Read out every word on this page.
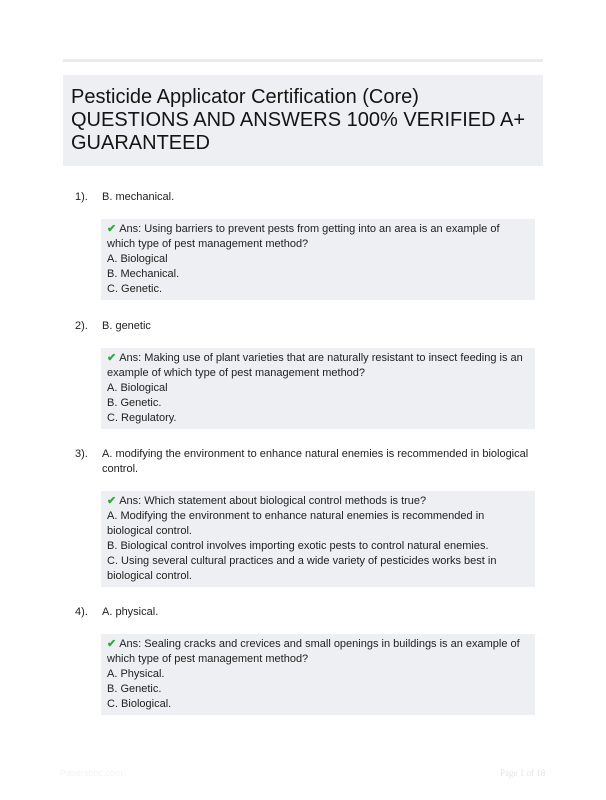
Pesticide Applicator Certification (Core) QUESTIONS AND ANSWERS 100% VERIFIED A+ GUARANTEED
1).	B. mechanical.
✔ Ans: Using barriers to prevent pests from getting into an area is an example of which type of pest management method?
A. Biological
B. Mechanical.
C. Genetic.
2).	B. genetic
✔ Ans: Making use of plant varieties that are naturally resistant to insect feeding is an example of which type of pest management method?
A. Biological
B. Genetic.
C. Regulatory.
3).	A. modifying the environment to enhance natural enemies is recommended in biological control.
✔ Ans: Which statement about biological control methods is true?
A. Modifying the environment to enhance natural enemies is recommended in biological control.
B. Biological control involves importing exotic pests to control natural enemies.
C. Using several cultural practices and a wide variety of pesticides works best in biological control.
4).	A. physical.
✔ Ans: Sealing cracks and crevices and small openings in buildings is an example of which type of pest management method?
A. Physical.
B. Genetic.
C. Biological.
Papersbbc.com	Page 1 of 18
